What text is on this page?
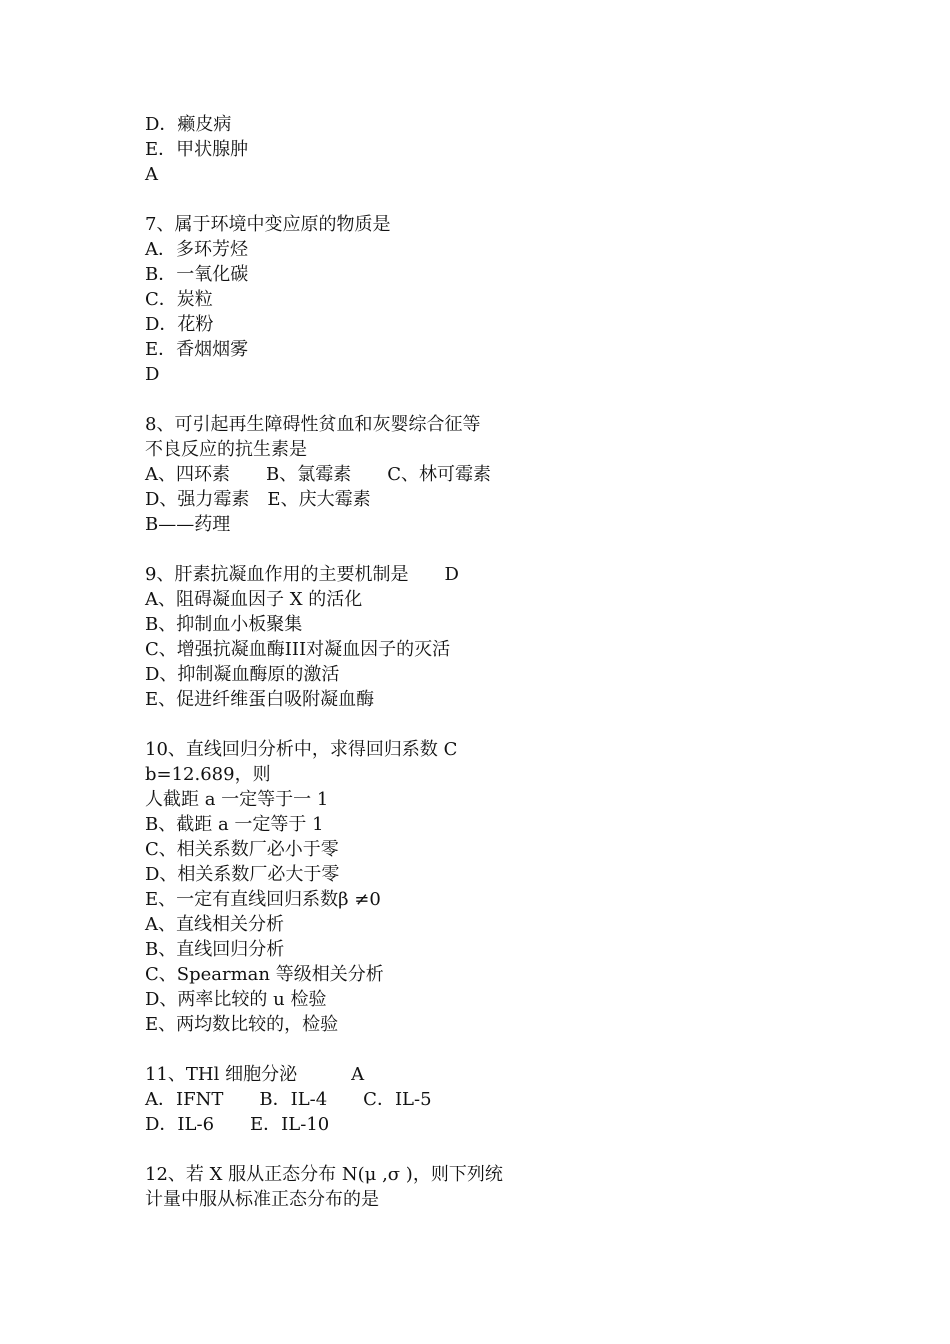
D．癞皮病
E．甲状腺肿
A
7、属于环境中变应原的物质是
A．多环芳烃
B．一氧化碳
C．炭粒
D．花粉
E．香烟烟雾
D
8、可引起再生障碍性贫血和灰婴综合征等
不良反应的抗生素是
A、四环素　　B、氯霉素　　C、林可霉素
D、强力霉素　E、庆大霉素
B——药理
9、肝素抗凝血作用的主要机制是　　D
A、阻碍凝血因子 X 的活化
B、抑制血小板聚集
C、增强抗凝血酶III对凝血因子的灭活
D、抑制凝血酶原的激活
E、促进纤维蛋白吸附凝血酶
10、直线回归分析中，求得回归系数 C
b=12.689，则
人截距 a 一定等于一 1
B、截距 a 一定等于 1
C、相关系数厂必小于零
D、相关系数厂必大于零
E、一定有直线回归系数β ≠0
A、直线相关分析
B、直线回归分析
C、Spearman 等级相关分析
D、两率比较的 u 检验
E、两均数比较的，检验
11、THl 细胞分泌　　　A
A．IFNT　　B．IL-4　　C．IL-5
D．IL-6　　E．IL-10
12、若 X 服从正态分布 N(μ ,σ )，则下列统
计量中服从标准正态分布的是
